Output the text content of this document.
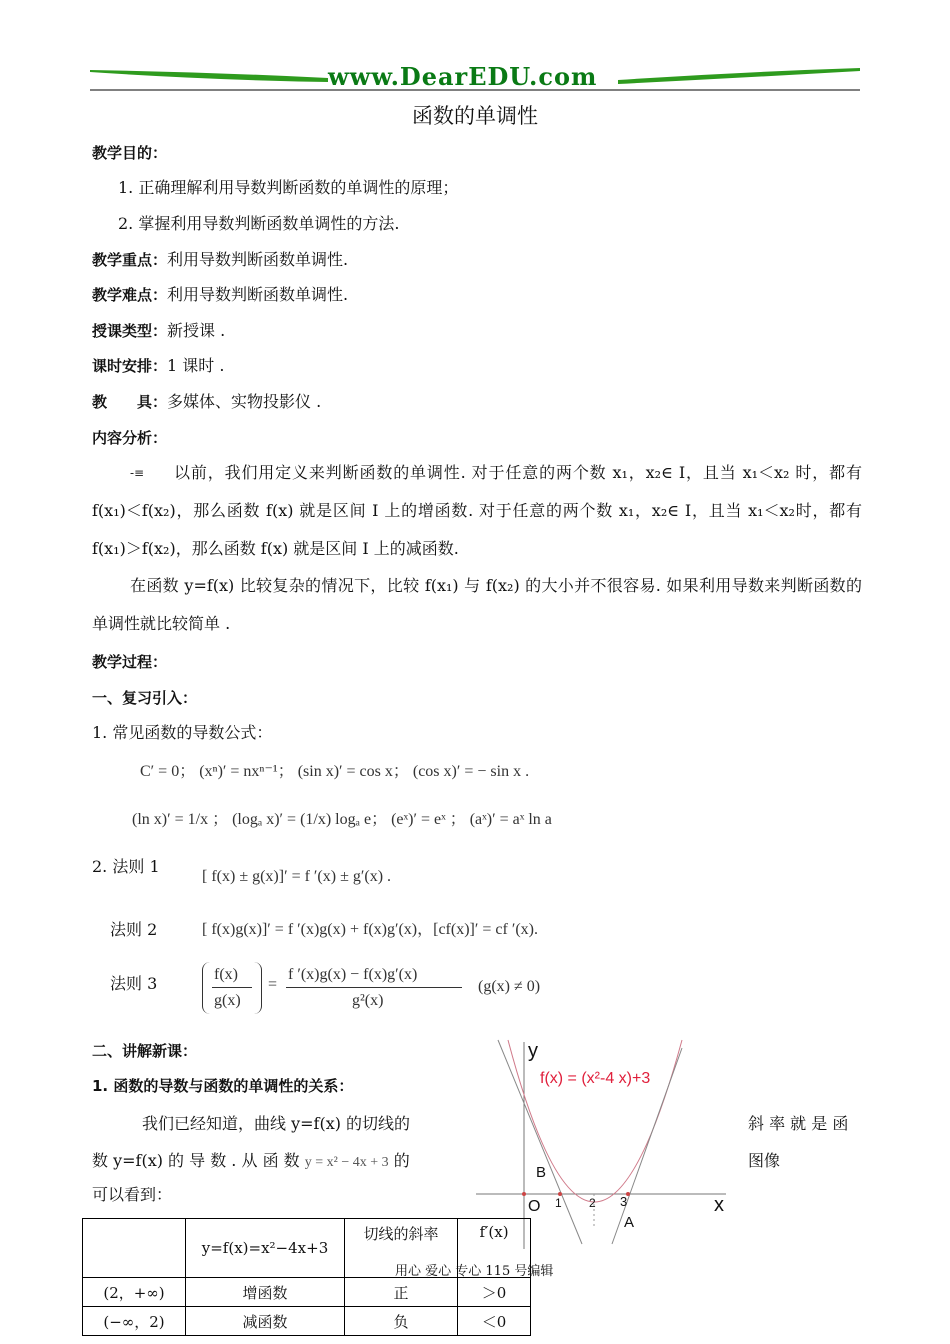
www.DearEDU.com
函数的单调性
教学目的：
1. 正确理解利用导数判断函数的单调性的原理；
2. 掌握利用导数判断函数单调性的方法.
教学重点：利用导数判断函数单调性.
教学难点：利用导数判断函数单调性.
授课类型：新授课 .
课时安排：1 课时 .
教　　具：多媒体、实物投影仪 .
内容分析：
-≡	以前，我们用定义来判断函数的单调性. 对于任意的两个数 x₁，x₂∈ I，且当 x₁＜x₂ 时，都有 f(x₁)＜f(x₂)，那么函数 f(x) 就是区间 I 上的增函数. 对于任意的两个数 x₁，x₂∈ I，且当 x₁＜x₂时，都有 f(x₁)＞f(x₂)，那么函数 f(x) 就是区间 I 上的减函数.
在函数 y=f(x) 比较复杂的情况下，比较 f(x₁) 与 f(x₂) 的大小并不很容易. 如果利用导数来判断函数的单调性就比较简单 .
教学过程：
一、复习引入：
1. 常见函数的导数公式：
C′ = 0； (xⁿ)′ = nxⁿ⁻¹； (sin x)′ = cos x； (cos x)′ = − sin x .
(ln x)′ = 1/x ； (logₐ x)′ = (1/x) logₐ e； (eˣ)′ = eˣ ； (aˣ)′ = aˣ ln a
2. 法则 1
[ f(x) ± g(x)]′ = f ′(x) ± g′(x) .
法则 2	[ f(x)g(x)]′ = f ′(x)g(x) + f(x)g′(x)，[cf(x)]′ = cf ′(x).
法则 3	f(x)
g(x)
=
f ′(x)g(x) − f(x)g′(x)
g²(x)
(g(x) ≠ 0)
二、讲解新课：
1. 函数的导数与函数的单调性的关系：
我们已经知道，曲线 y=f(x) 的切线的	斜 率 就 是 函
数 y=f(x) 的 导 数 . 从 函 数 y = x² − 4x + 3 的	图像
可以看到：
f(x) = (x²-4 x)+3
y
x
O 1 2 3
A
B
	y=f(x)=x²−4x+3	切线的斜率	f′(x)
(2，+∞)	增函数	正	＞0
(−∞，2)	减函数	负	＜0
用心 爱心 专心 115 号编辑
